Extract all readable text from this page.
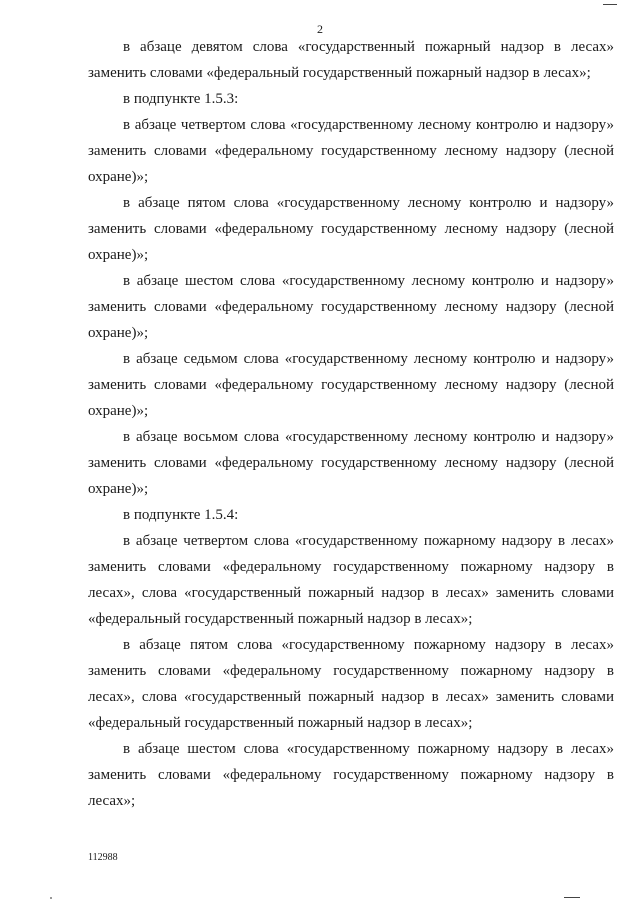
2

в абзаце девятом слова «государственный пожарный надзор в лесах» заменить словами «федеральный государственный пожарный надзор в лесах»;

в подпункте 1.5.3:

в абзаце четвертом слова «государственному лесному контролю и надзору» заменить словами «федеральному государственному лесному надзору (лесной охране)»;

в абзаце пятом слова «государственному лесному контролю и надзору» заменить словами «федеральному государственному лесному надзору (лесной охране)»;

в абзаце шестом слова «государственному лесному контролю и надзору» заменить словами «федеральному государственному лесному надзору (лесной охране)»;

в абзаце седьмом слова «государственному лесному контролю и надзору» заменить словами «федеральному государственному лесному надзору (лесной охране)»;

в абзаце восьмом слова «государственному лесному контролю и надзору» заменить словами «федеральному государственному лесному надзору (лесной охране)»;

в подпункте 1.5.4:

в абзаце четвертом слова «государственному пожарному надзору в лесах» заменить словами «федеральному государственному пожарному надзору в лесах», слова «государственный пожарный надзор в лесах» заменить словами «федеральный государственный пожарный надзор в лесах»;

в абзаце пятом слова «государственному пожарному надзору в лесах» заменить словами «федеральному государственному пожарному надзору в лесах», слова «государственный пожарный надзор в лесах» заменить словами «федеральный государственный пожарный надзор в лесах»;

в абзаце шестом слова «государственному пожарному надзору в лесах» заменить словами «федеральному государственному пожарному надзору в лесах»;

112988
